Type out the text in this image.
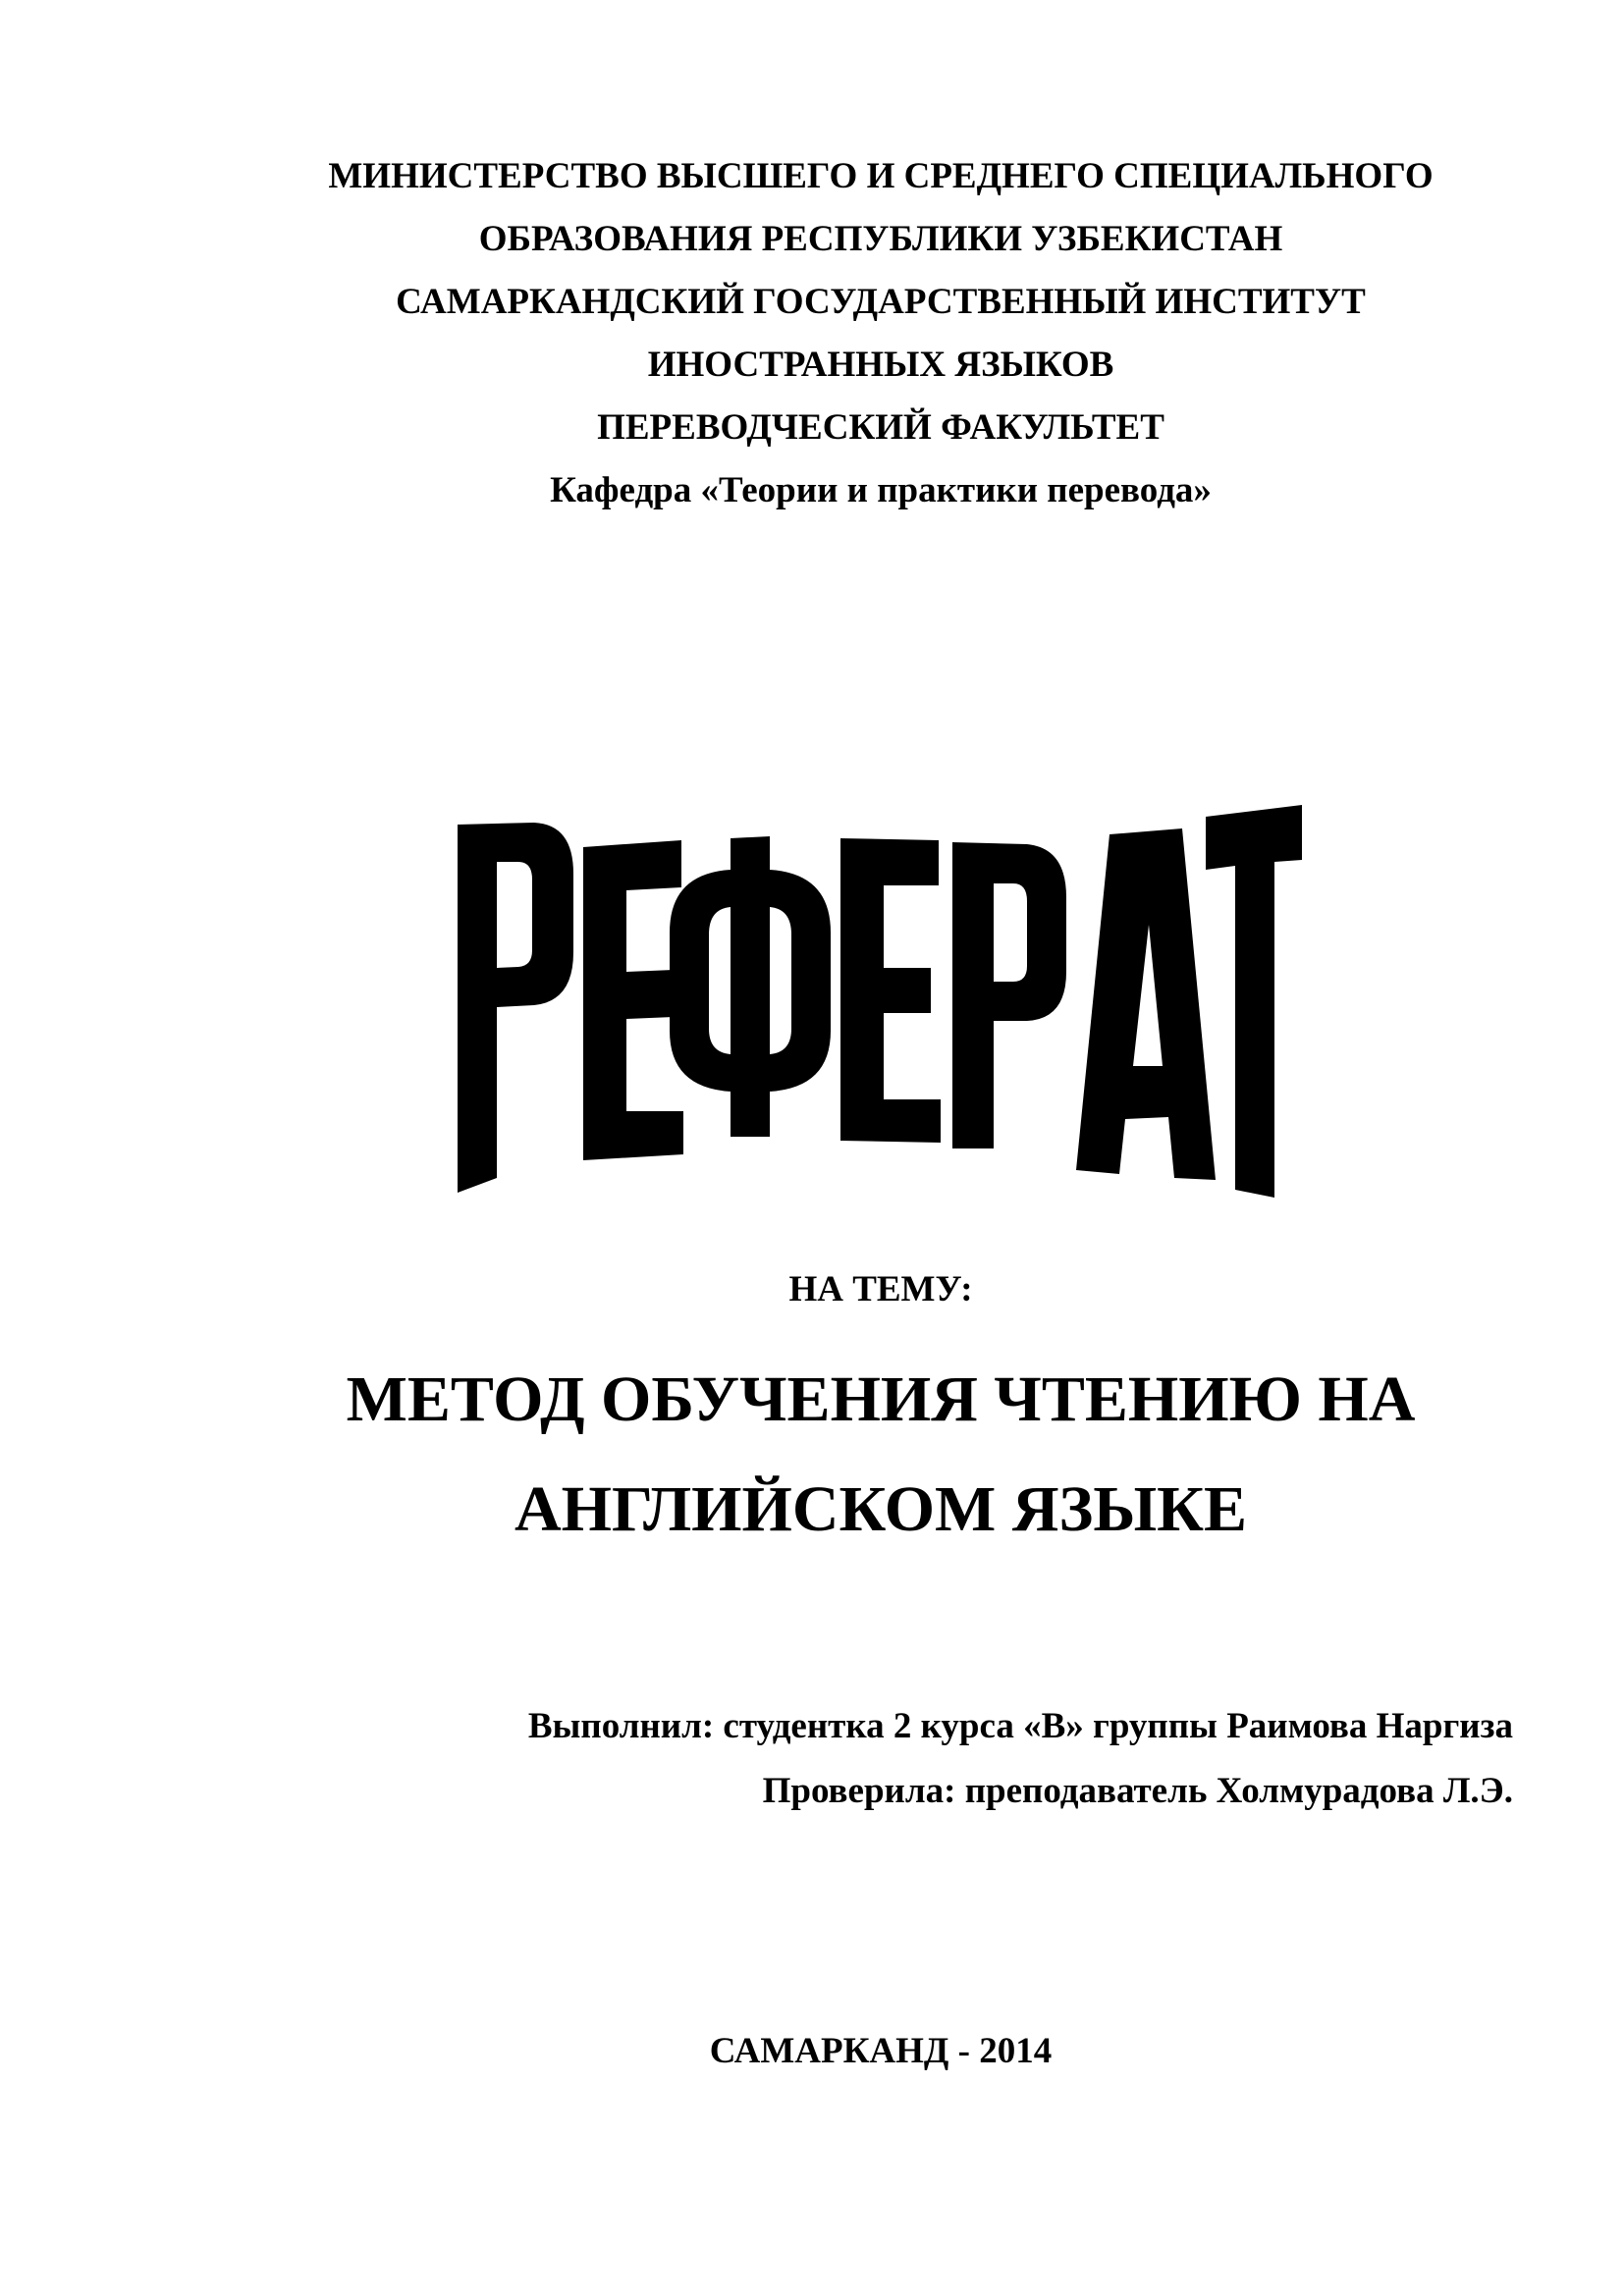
МИНИСТЕРСТВО ВЫСШЕГО И СРЕДНЕГО СПЕЦИАЛЬНОГО
ОБРАЗОВАНИЯ РЕСПУБЛИКИ УЗБЕКИСТАН
САМАРКАНДСКИЙ ГОСУДАРСТВЕННЫЙ ИНСТИТУТ
ИНОСТРАННЫХ ЯЗЫКОВ
ПЕРЕВОДЧЕСКИЙ ФАКУЛЬТЕТ
Кафедра «Теории и практики перевода»
НА ТЕМУ:
МЕТОД ОБУЧЕНИЯ ЧТЕНИЮ НА
АНГЛИЙСКОМ ЯЗЫКЕ
Выполнил: студентка 2 курса «В» группы Раимова Наргиза
Проверила: преподаватель Холмурадова Л.Э.
САМАРКАНД - 2014
